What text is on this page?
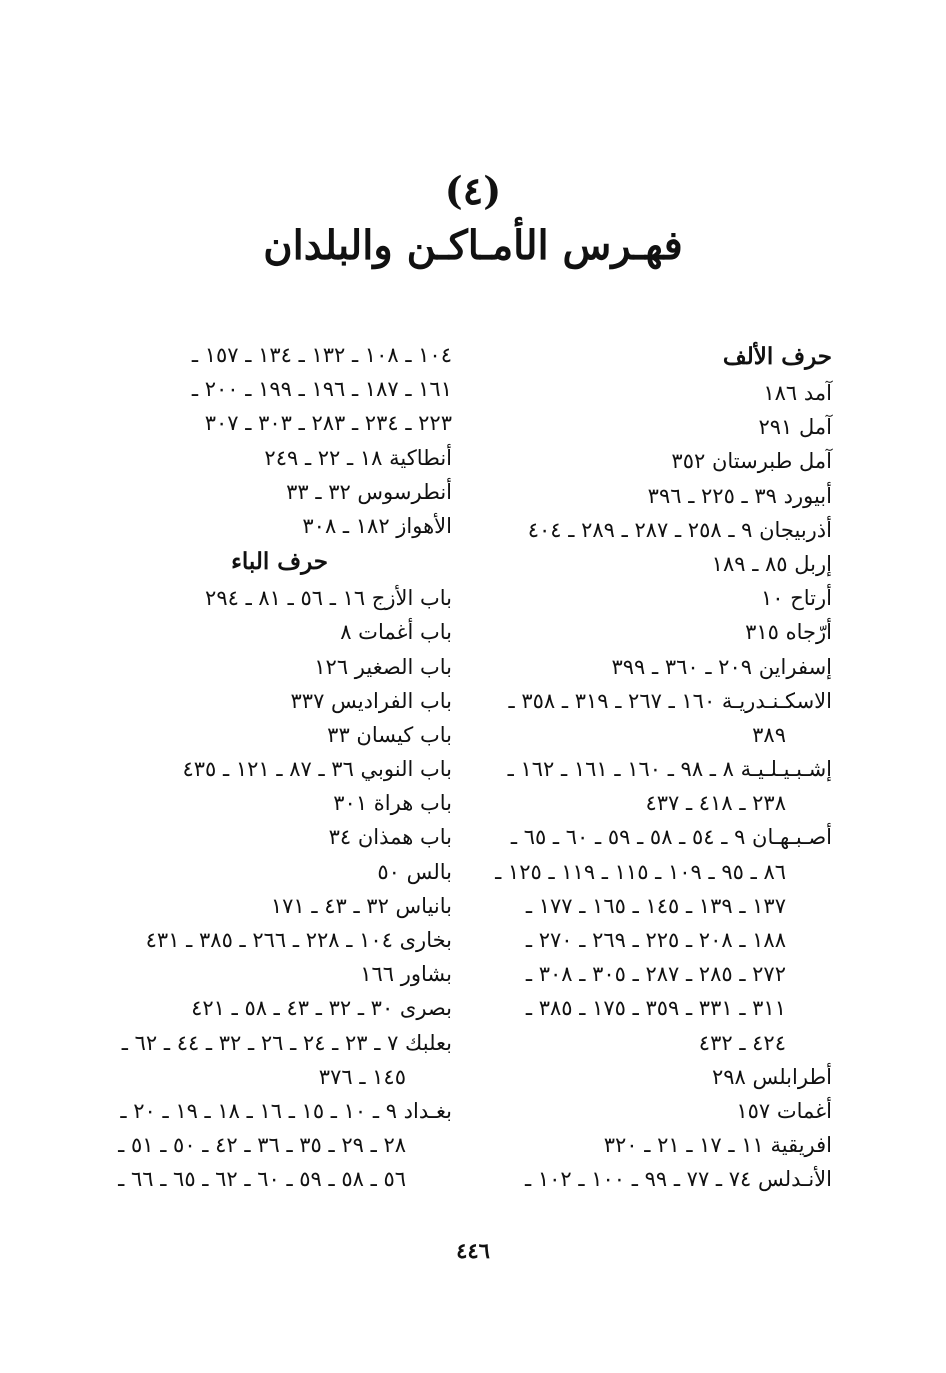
(٤)
فهـرس الأمـاكـن والبلدان
حرف الألف
آمد ١٨٦
آمل ٢٩١
آمل طبرستان ٣٥٢
أبيورد ٣٩ ـ ٢٢٥ ـ ٣٩٦
أذربيجان ٩ ـ ٢٥٨ ـ ٢٨٧ ـ ٢٨٩ ـ ٤٠٤
إربل ٨٥ ـ ١٨٩
أرتاح ١٠
أرّجاه ٣١٥
إسفراين ٢٠٩ ـ ٣٦٠ ـ ٣٩٩
الاسكـنـدريـة ١٦٠ ـ ٢٦٧ ـ ٣١٩ ـ ٣٥٨ ـ
٣٨٩
إشـبـيـلـيـة ٨ ـ ٩٨ ـ ١٦٠ ـ ١٦١ ـ ١٦٢ ـ
٢٣٨ ـ ٤١٨ ـ ٤٣٧
أصـبـهـان ٩ ـ ٥٤ ـ ٥٨ ـ ٥٩ ـ ٦٠ ـ ٦٥ ـ
٨٦ ـ ٩٥ ـ ١٠٩ ـ ١١٥ ـ ١١٩ ـ ١٢٥ ـ
١٣٧ ـ ١٣٩ ـ ١٤٥ ـ ١٦٥ ـ ١٧٧ ـ
١٨٨ ـ ٢٠٨ ـ ٢٢٥ ـ ٢٦٩ ـ ٢٧٠ ـ
٢٧٢ ـ ٢٨٥ ـ ٢٨٧ ـ ٣٠٥ ـ ٣٠٨ ـ
٣١١ ـ ٣٣١ ـ ٣٥٩ ـ ١٧٥ ـ ٣٨٥ ـ
٤٢٤ ـ ٤٣٢
أطرابلس ٢٩٨
أغمات ١٥٧
افريقية ١١ ـ ١٧ ـ ٢١ ـ ٣٢٠
الأنـدلس ٧٤ ـ ٧٧ ـ ٩٩ ـ ١٠٠ ـ ١٠٢ ـ
١٠٤ ـ ١٠٨ ـ ١٣٢ ـ ١٣٤ ـ ١٥٧ ـ
١٦١ ـ ١٨٧ ـ ١٩٦ ـ ١٩٩ ـ ٢٠٠ ـ
٢٢٣ ـ ٢٣٤ ـ ٢٨٣ ـ ٣٠٣ ـ ٣٠٧
أنطاكية ١٨ ـ ٢٢ ـ ٢٤٩
أنطرسوس ٣٢ ـ ٣٣
الأهواز ١٨٢ ـ ٣٠٨
حرف الباء
باب الأزج ١٦ ـ ٥٦ ـ ٨١ ـ ٢٩٤
باب أغمات ٨
باب الصغير ١٢٦
باب الفراديس ٣٣٧
باب كيسان ٣٣
باب النوبي ٣٦ ـ ٨٧ ـ ١٢١ ـ ٤٣٥
باب هراة ٣٠١
باب همذان ٣٤
بالس ٥٠
بانياس ٣٢ ـ ٤٣ ـ ١٧١
بخارى ١٠٤ ـ ٢٢٨ ـ ٢٦٦ ـ ٣٨٥ ـ ٤٣١
بشاور ١٦٦
بصرى ٣٠ ـ ٣٢ ـ ٤٣ ـ ٥٨ ـ ٤٢١
بعلبك ٧ ـ ٢٣ ـ ٢٤ ـ ٢٦ ـ ٣٢ ـ ٤٤ ـ ٦٢ ـ
١٤٥ ـ ٣٧٦
بغـداد ٩ ـ ١٠ ـ ١٥ ـ ١٦ ـ ١٨ ـ ١٩ ـ ٢٠ ـ
٢٨ ـ ٢٩ ـ ٣٥ ـ ٣٦ ـ ٤٢ ـ ٥٠ ـ ٥١ ـ
٥٦ ـ ٥٨ ـ ٥٩ ـ ٦٠ ـ ٦٢ ـ ٦٥ ـ ٦٦ ـ
٤٤٦
